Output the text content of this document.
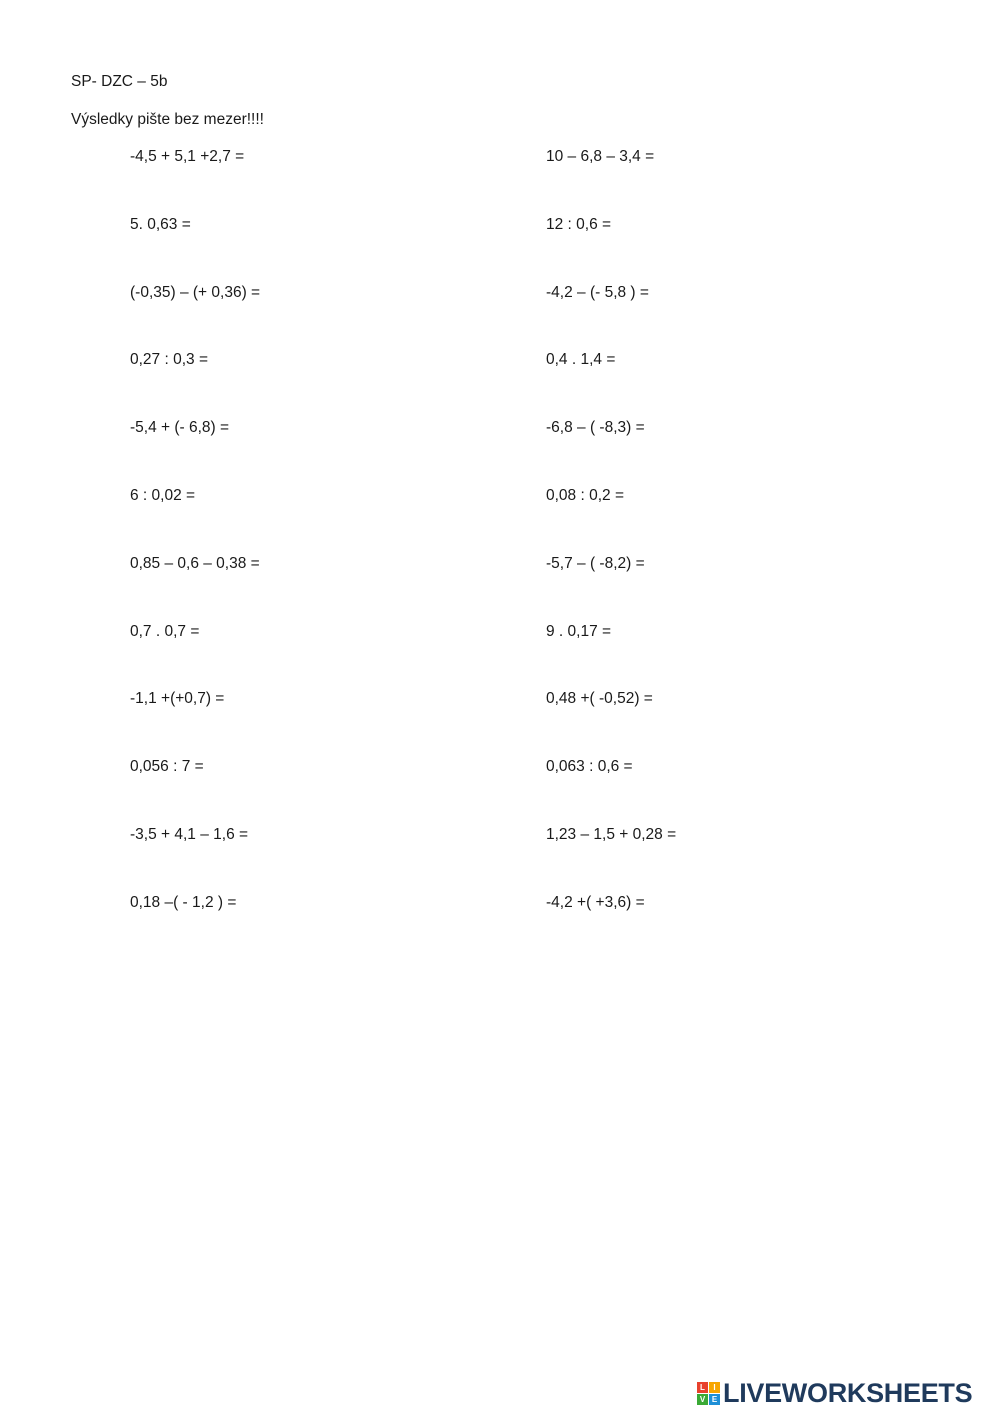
SP- DZC – 5b
Výsledky pište bez mezer!!!!
-4,5 + 5,1 +2,7 =	10 – 6,8 – 3,4 =
5. 0,63 =	12 : 0,6 =
(-0,35) – (+ 0,36) =	-4,2 – (- 5,8 ) =
0,27 : 0,3 =	0,4 . 1,4 =
-5,4 + (- 6,8) =	-6,8 – ( -8,3) =
6 : 0,02 =	0,08 : 0,2 =
0,85 – 0,6 – 0,38 =	-5,7 – ( -8,2) =
0,7 . 0,7 =	9 . 0,17 =
-1,1 +(+0,7) =	0,48 +( -0,52) =
0,056 : 7 =	0,063 : 0,6 =
-3,5 + 4,1 – 1,6 =	1,23 – 1,5 + 0,28 =
0,18 –( - 1,2 ) =	-4,2 +( +3,6) =
L	I
V E LIVEWORKSHEETS
